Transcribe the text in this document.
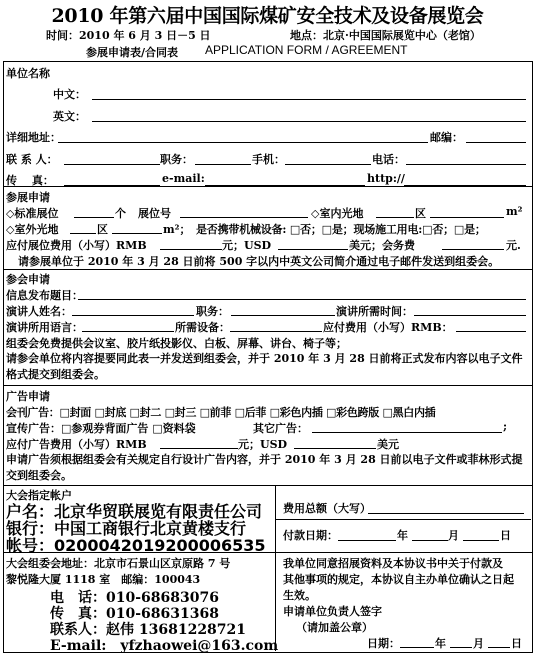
2010 年第六届中国国际煤矿安全技术及设备展览会
时间：2010 年 6 月 3 日－5 日	地点：北京·中国国际展览中心（老馆）
参展申请表/合同表 APPLICATION FORM / AGREEMENT
单位名称
中文：
英文：
详细地址：	邮编：
联 系 人：	职务：	手机：	电话：
传　 真：	e-mail:	http://
参展申请
◇标准展位	个 展位号	◇室内光地	区	m²
◇室外光地	区	m²； 是否携带机械设备: □否；□是；现场施工用电:□否；□是；
应付展位费用（小写）RMB	元；USD	美元；会务费	元.
请参展单位于 2010 年 3 月 28 日前将 500 字以内中英文公司简介通过电子邮件发送到组委会。
参会申请
信息发布题目：
演讲人姓名：	职务：	演讲所需时间：
演讲所用语言：	所需设备：	应付费用（小写）RMB：
组委会免费提供会议室、胶片纸投影仪、白板、屏幕、讲台、椅子等；
请参会单位将内容提要同此表一并发送到组委会，并于 2010 年 3 月 28 日前将正式发布内容以电子文件格式提交到组委会。
广告申请
会刊广告：□封面 □封底 □封二 □封三 □前菲 □后菲 □彩色内插 □彩色跨版 □黑白内插
宣传广告：□参观券背面广告 □资料袋	其它广告：	;
应付广告费用（小写）RMB	元；USD	美元
申请广告须根据组委会有关规定自行设计广告内容，并于 2010 年 3 月 28 日前以电子文件或菲林形式提交到组委会。
大会指定帐户
户名：北京华贸联展览有限责任公司
银行：中国工商银行北京黄楼支行
帐号：0200042019200006535
费用总额（大写）
付款日期：	年	月	日
大会组委会地址：北京市石景山区京原路 7 号
黎悦隆大厦 1118 室　邮编：100043
电　话：010-68683076
传　真：010-68631368
联系人：赵伟 13681228721
E-mail:　yfzhaowei@163.com
我单位同意招展资料及本协议书中关于付款及
其他事项的规定，本协议自主办单位确认之日起
生效。
申请单位负责人签字
（请加盖公章）
日期：	年 月 日
